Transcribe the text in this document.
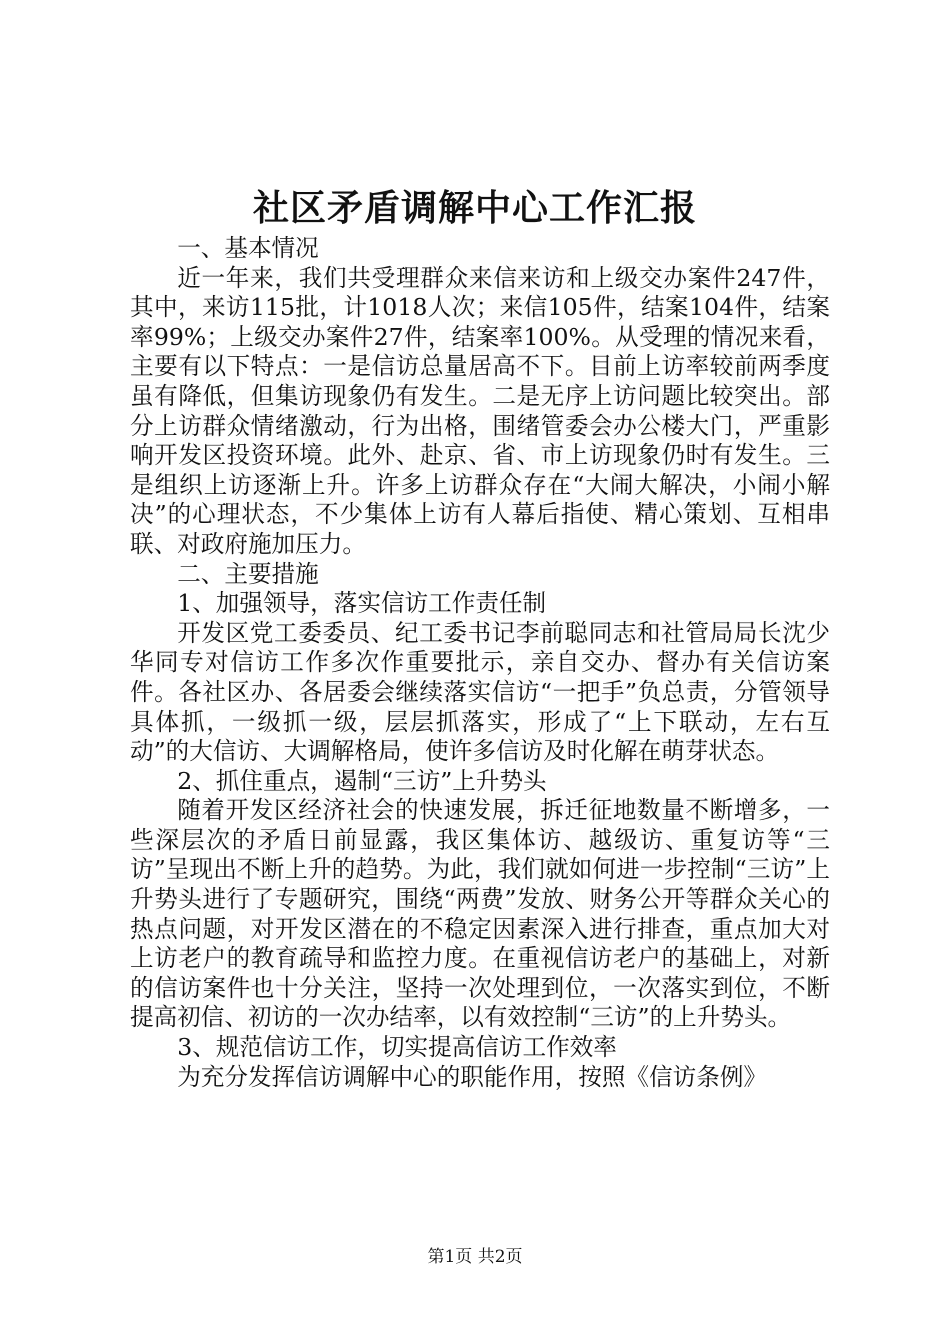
社区矛盾调解中心工作汇报

一、基本情况

近一年来，我们共受理群众来信来访和上级交办案件247件，其中，来访115批，计1018人次；来信105件，结案104件，结案率99%；上级交办案件27件，结案率100%。从受理的情况来看，主要有以下特点：一是信访总量居高不下。目前上访率较前两季度虽有降低，但集访现象仍有发生。二是无序上访问题比较突出。部分上访群众情绪激动，行为出格，围绪管委会办公楼大门，严重影响开发区投资环境。此外、赴京、省、市上访现象仍时有发生。三是组织上访逐渐上升。许多上访群众存在“大闹大解决，小闹小解决”的心理状态，不少集体上访有人幕后指使、精心策划、互相串联、对政府施加压力。

二、主要措施

1、加强领导，落实信访工作责任制

开发区党工委委员、纪工委书记李前聪同志和社管局局长沈少华同专对信访工作多次作重要批示，亲自交办、督办有关信访案件。各社区办、各居委会继续落实信访“一把手”负总责，分管领导具体抓，一级抓一级，层层抓落实，形成了“上下联动，左右互动”的大信访、大调解格局，使许多信访及时化解在萌芽状态。

2、抓住重点，遏制“三访”上升势头

随着开发区经济社会的快速发展，拆迁征地数量不断增多，一些深层次的矛盾日前显露，我区集体访、越级访、重复访等“三访”呈现出不断上升的趋势。为此，我们就如何进一步控制“三访”上升势头进行了专题研究，围绕“两费”发放、财务公开等群众关心的热点问题，对开发区潜在的不稳定因素深入进行排查，重点加大对上访老户的教育疏导和监控力度。在重视信访老户的基础上，对新的信访案件也十分关注，坚持一次处理到位，一次落实到位，不断提高初信、初访的一次办结率，以有效控制“三访”的上升势头。

3、规范信访工作，切实提高信访工作效率

为充分发挥信访调解中心的职能作用，按照《信访条例》

第1页 共2页
